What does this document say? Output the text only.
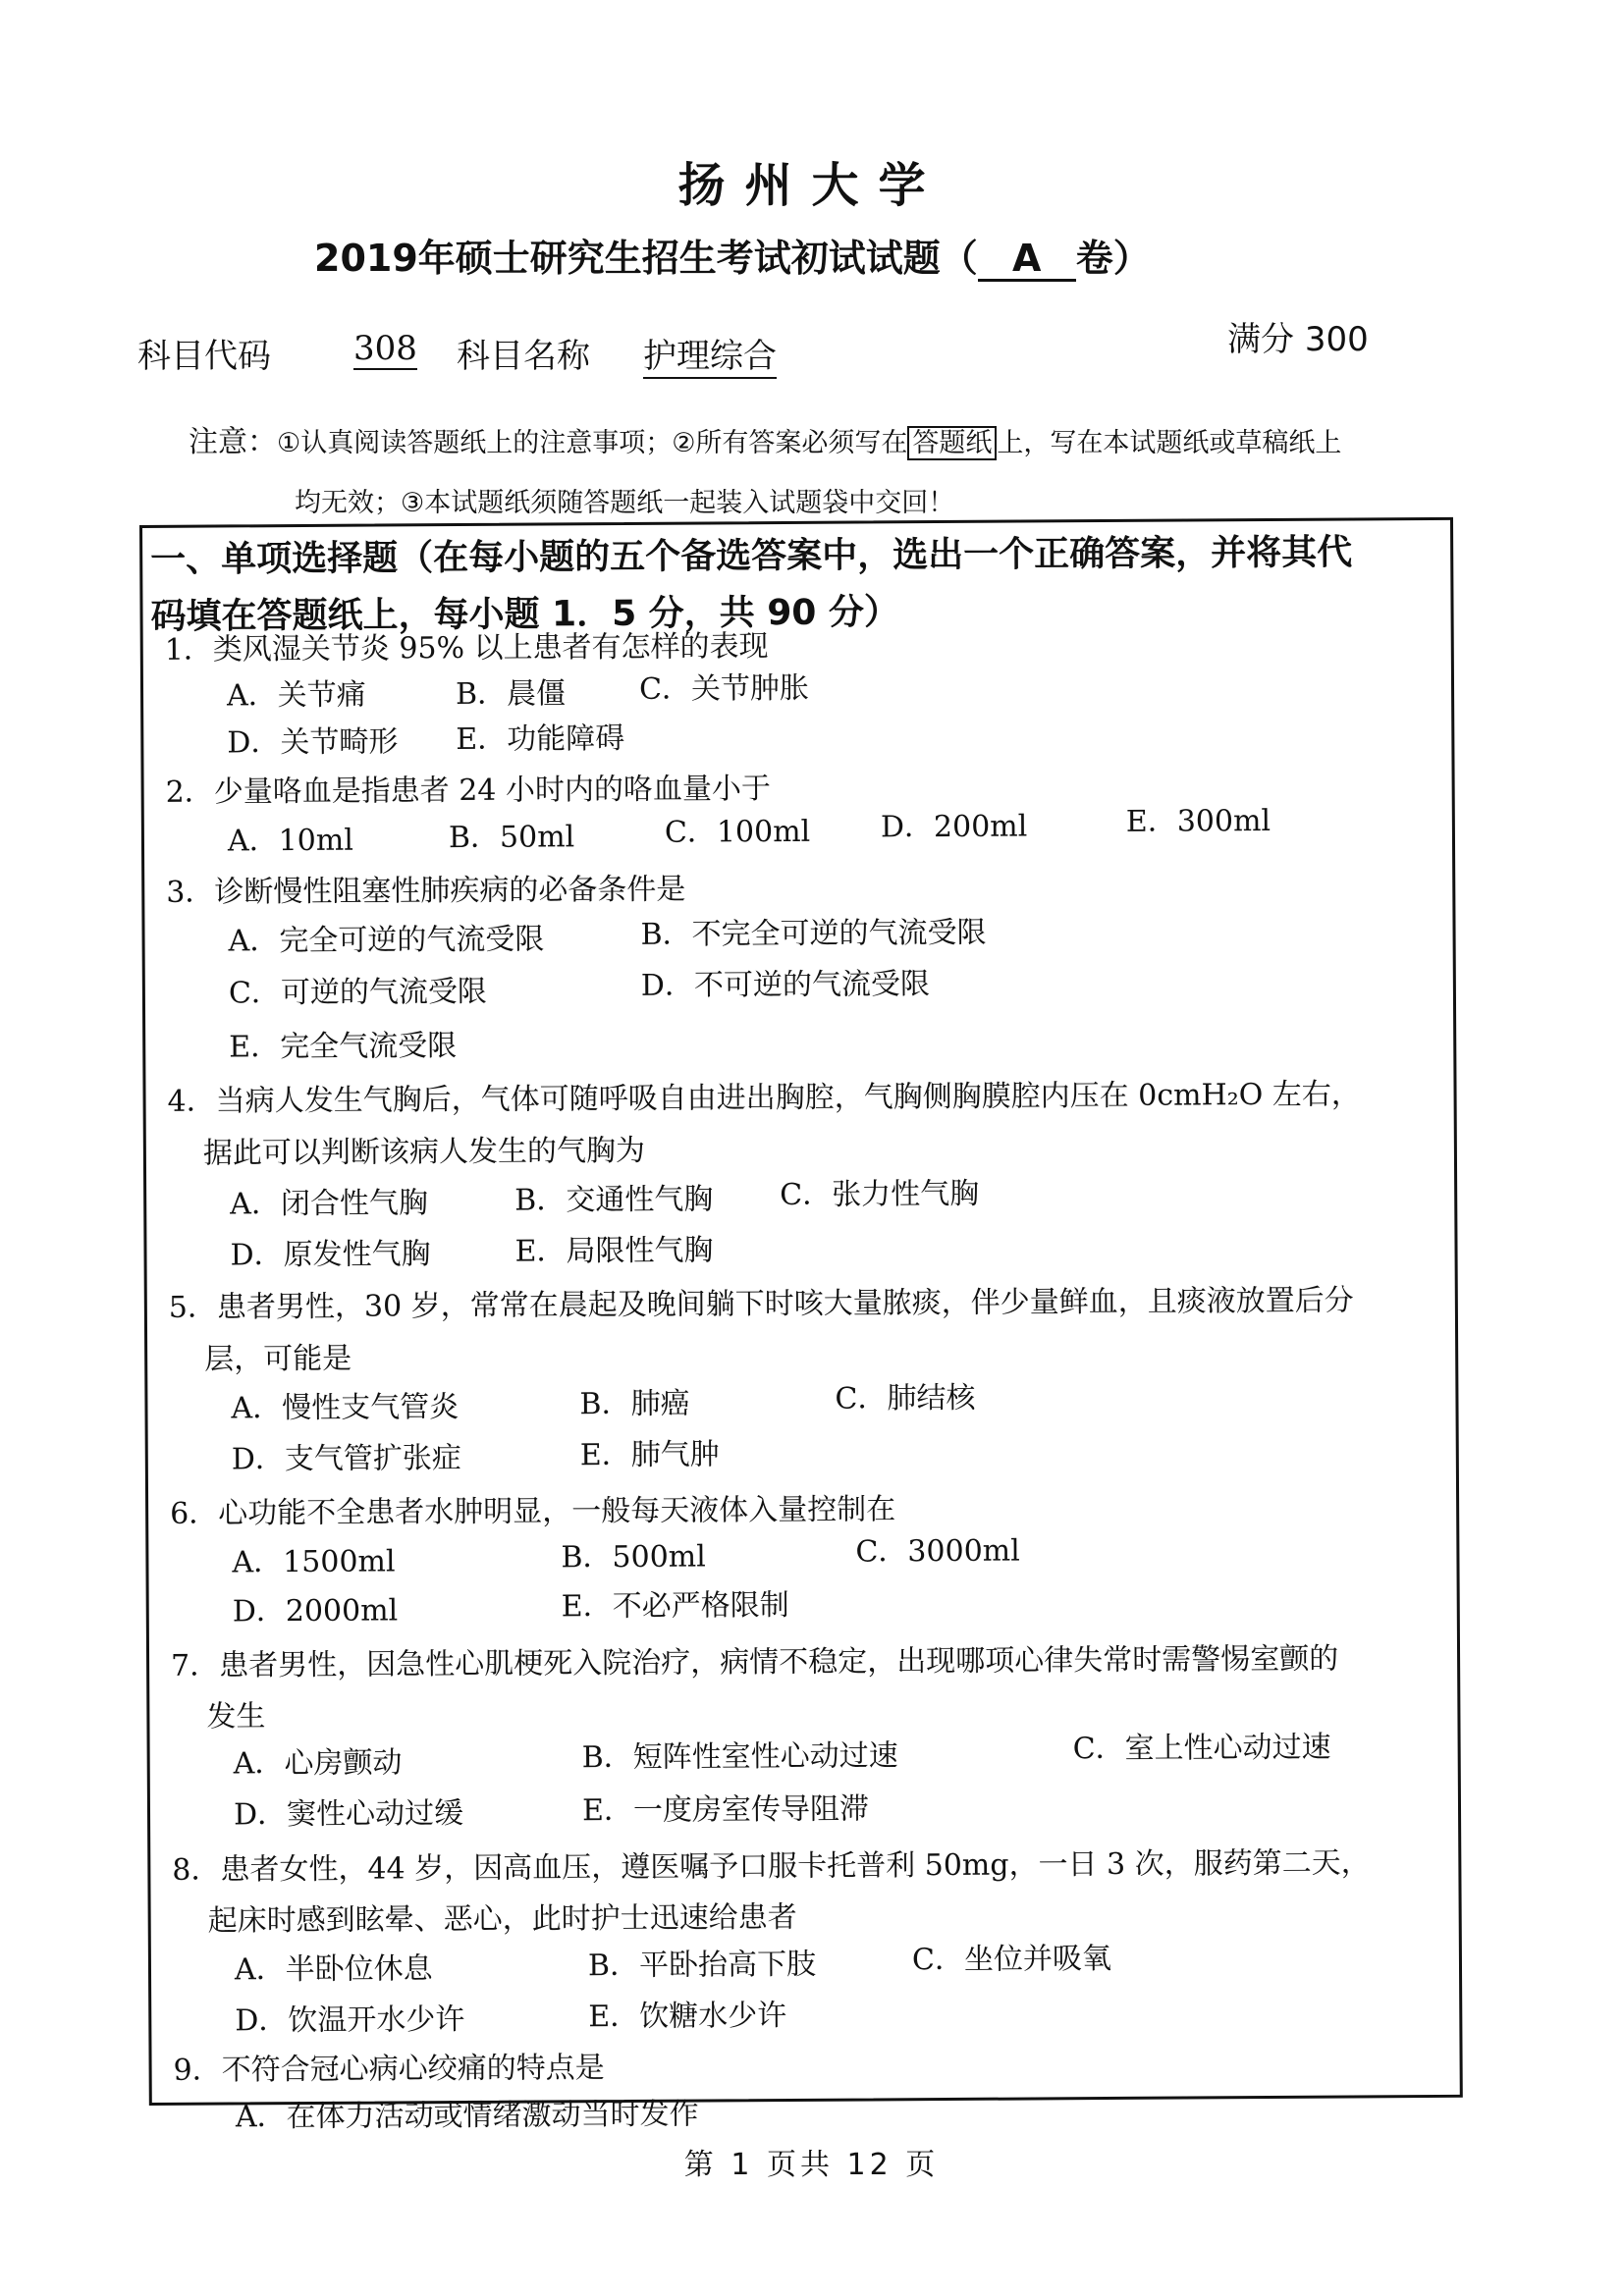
扬州大学
2019年硕士研究生招生考试初试试题（ A 卷）
科目代码 308 科目名称 护理综合	满分 300
注意：①认真阅读答题纸上的注意事项；②所有答案必须写在 答题纸 上，写在本试题纸或草稿纸上
均无效；③本试题纸须随答题纸一起装入试题袋中交回！
一、单项选择题（在每小题的五个备选答案中，选出一个正确答案，并将其代
码填在答题纸上，每小题 1．5 分，共 90 分）
1．类风湿关节炎 95% 以上患者有怎样的表现
A．关节痛	B．晨僵 C．关节肿胀
D．关节畸形 E．功能障碍
2．少量咯血是指患者 24 小时内的咯血量小于
A．10ml	B．50ml	C．100ml D．200ml	E．300ml
3．诊断慢性阻塞性肺疾病的必备条件是
A．完全可逆的气流受限	B．不完全可逆的气流受限
C．可逆的气流受限	D．不可逆的气流受限
E．完全气流受限
4．当病人发生气胸后，气体可随呼吸自由进出胸腔，气胸侧胸膜腔内压在 0cmH₂O 左右，
据此可以判断该病人发生的气胸为
A．闭合性气胸	B．交通性气胸 C．张力性气胸
D．原发性气胸	E．局限性气胸
5．患者男性，30 岁，常常在晨起及晚间躺下时咳大量脓痰，伴少量鲜血，且痰液放置后分
层，可能是
A．慢性支气管炎	B．肺癌	C．肺结核
D．支气管扩张症	E．肺气肿
6．心功能不全患者水肿明显，一般每天液体入量控制在
A．1500ml	B．500ml	C．3000ml
D．2000ml	E．不必严格限制
7．患者男性，因急性心肌梗死入院治疗，病情不稳定，出现哪项心律失常时需警惕室颤的
发生
A．心房颤动	B．短阵性室性心动过速	C．室上性心动过速
D．窦性心动过缓	E．一度房室传导阻滞
8．患者女性，44 岁，因高血压，遵医嘱予口服卡托普利 50mg，一日 3 次，服药第二天，
起床时感到眩晕、恶心，此时护士迅速给患者
A．半卧位休息	B．平卧抬高下肢	C．坐位并吸氧
D．饮温开水少许	E．饮糖水少许
9．不符合冠心病心绞痛的特点是
A．在体力活动或情绪激动当时发作
第 1 页共 12 页
